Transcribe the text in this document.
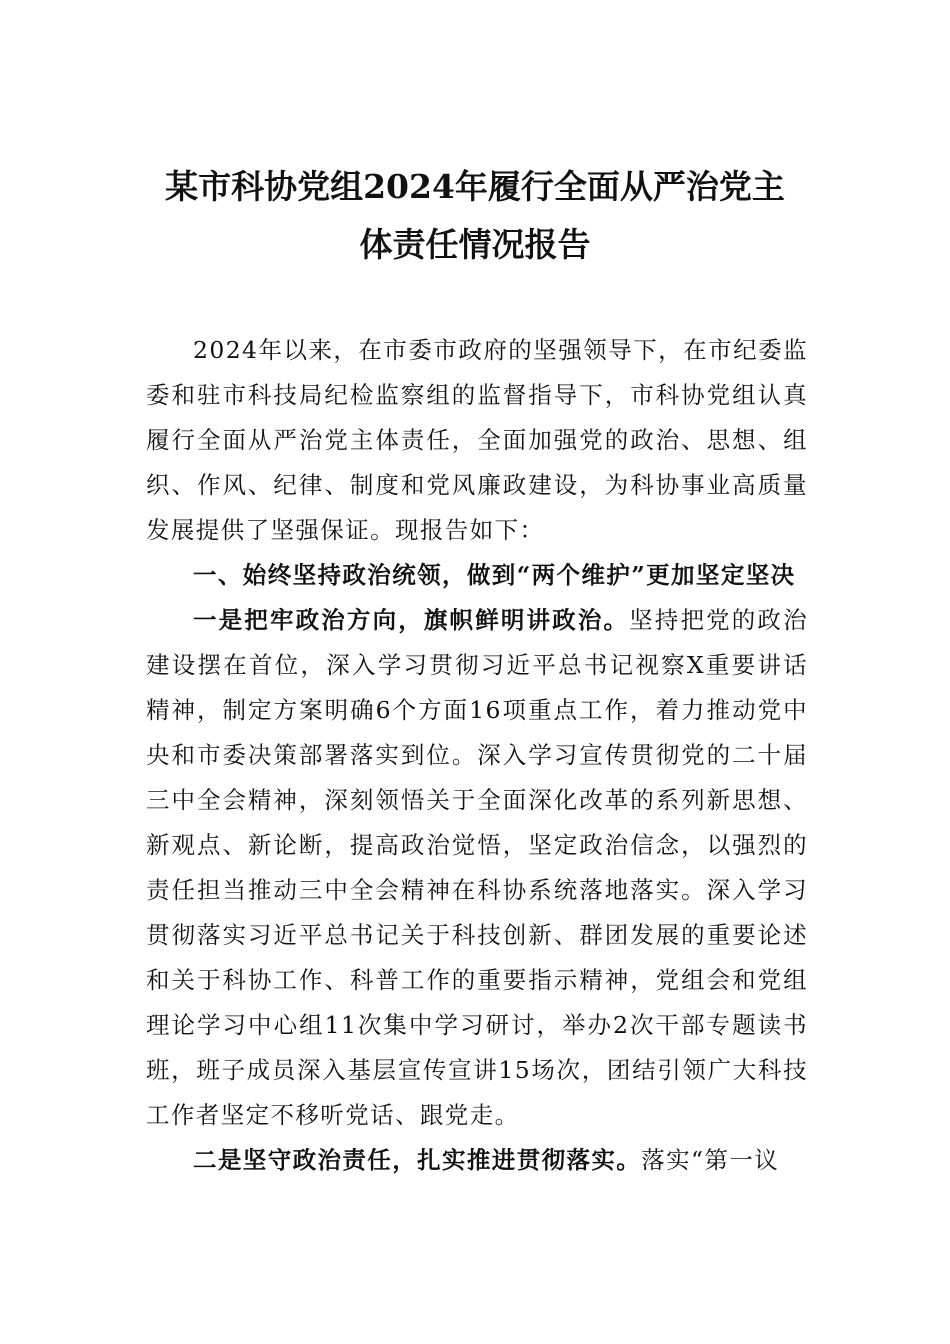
某市科协党组2024年履行全面从严治党主
体责任情况报告

2024年以来，在市委市政府的坚强领导下，在市纪委监委和驻市科技局纪检监察组的监督指导下，市科协党组认真履行全面从严治党主体责任，全面加强党的政治、思想、组织、作风、纪律、制度和党风廉政建设，为科协事业高质量发展提供了坚强保证。现报告如下：

一、始终坚持政治统领，做到“两个维护”更加坚定坚决

一是把牢政治方向，旗帜鲜明讲政治。坚持把党的政治建设摆在首位，深入学习贯彻习近平总书记视察X重要讲话精神，制定方案明确6个方面16项重点工作，着力推动党中央和市委决策部署落实到位。深入学习宣传贯彻党的二十届三中全会精神，深刻领悟关于全面深化改革的系列新思想、新观点、新论断，提高政治觉悟，坚定政治信念，以强烈的责任担当推动三中全会精神在科协系统落地落实。深入学习贯彻落实习近平总书记关于科技创新、群团发展的重要论述和关于科协工作、科普工作的重要指示精神，党组会和党组理论学习中心组11次集中学习研讨，举办2次干部专题读书班，班子成员深入基层宣传宣讲15场次，团结引领广大科技工作者坚定不移听党话、跟党走。

二是坚守政治责任，扎实推进贯彻落实。落实“第一议
